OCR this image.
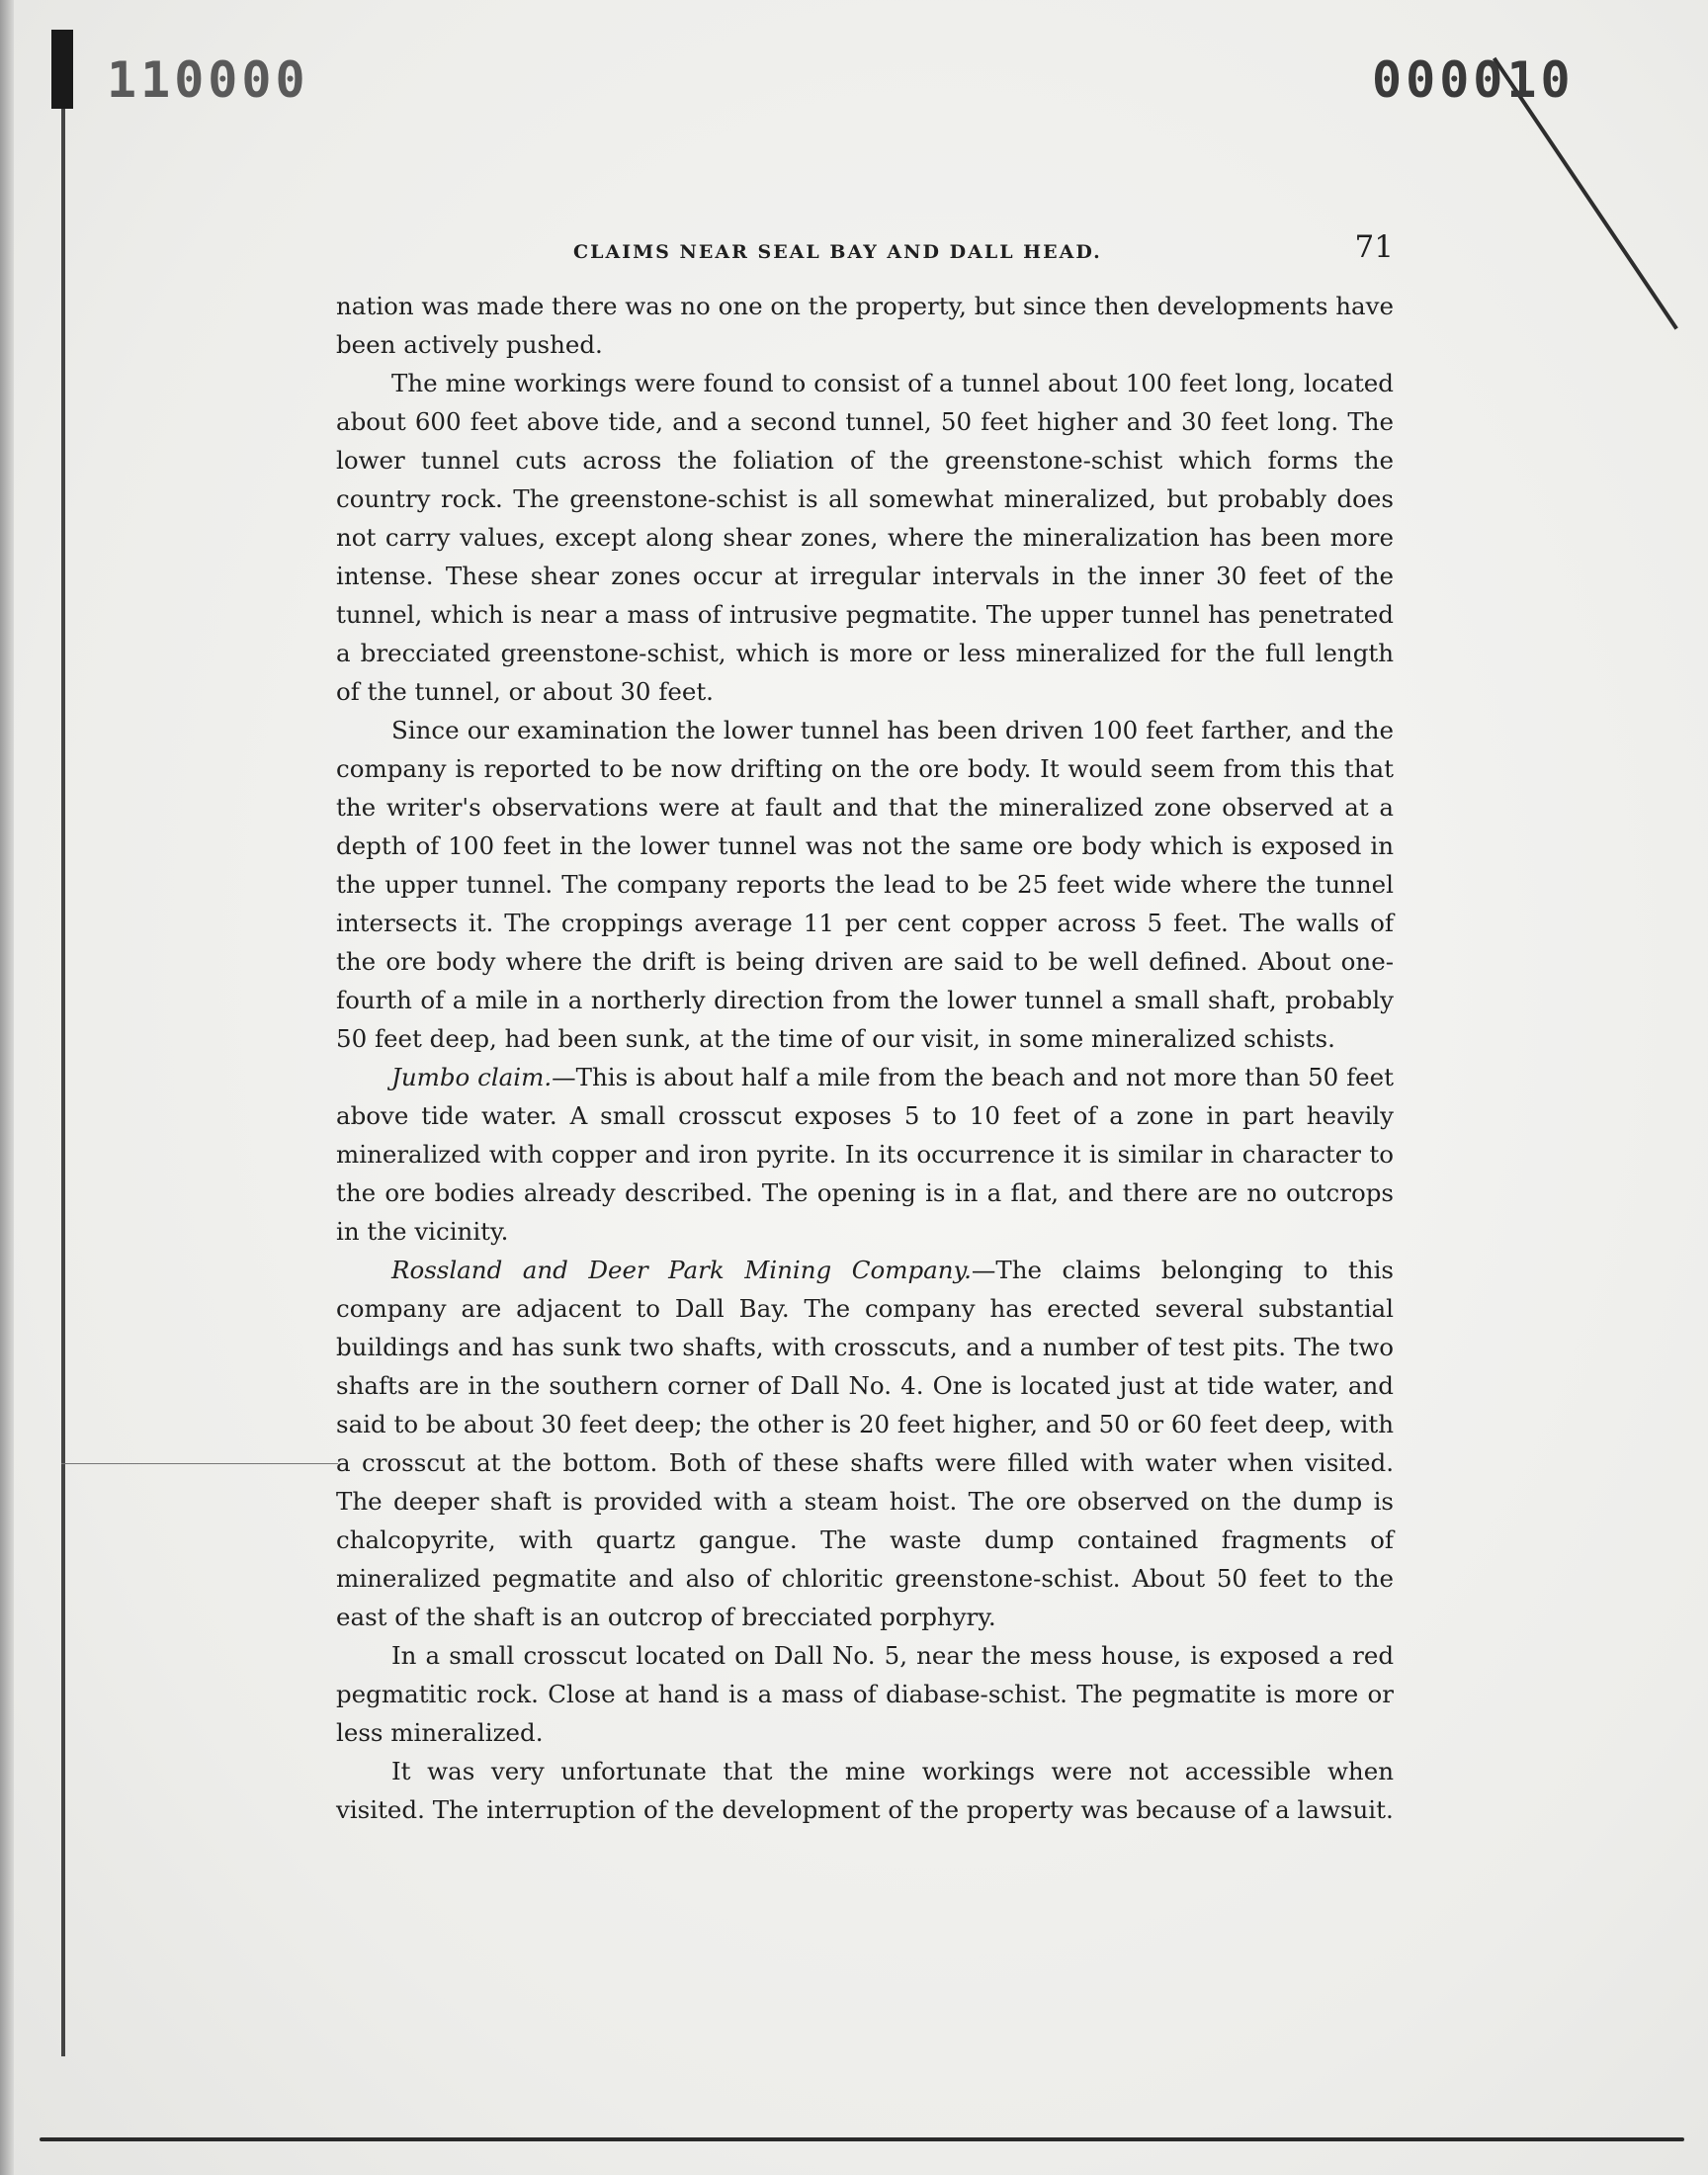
110000	000010
CLAIMS NEAR SEAL BAY AND DALL HEAD.	71

nation was made there was no one on the property, but since then developments have been actively pushed.

The mine workings were found to consist of a tunnel about 100 feet long, located about 600 feet above tide, and a second tunnel, 50 feet higher and 30 feet long. The lower tunnel cuts across the foliation of the greenstone-schist which forms the country rock. The greenstone-schist is all somewhat mineralized, but probably does not carry values, except along shear zones, where the mineralization has been more intense. These shear zones occur at irregular intervals in the inner 30 feet of the tunnel, which is near a mass of intrusive pegmatite. The upper tunnel has penetrated a brecciated greenstone-schist, which is more or less mineralized for the full length of the tunnel, or about 30 feet.

Since our examination the lower tunnel has been driven 100 feet farther, and the company is reported to be now drifting on the ore body. It would seem from this that the writer's observations were at fault and that the mineralized zone observed at a depth of 100 feet in the lower tunnel was not the same ore body which is exposed in the upper tunnel. The company reports the lead to be 25 feet wide where the tunnel intersects it. The croppings average 11 per cent copper across 5 feet. The walls of the ore body where the drift is being driven are said to be well defined. About one-fourth of a mile in a northerly direction from the lower tunnel a small shaft, probably 50 feet deep, had been sunk, at the time of our visit, in some mineralized schists.

Jumbo claim.—This is about half a mile from the beach and not more than 50 feet above tide water. A small crosscut exposes 5 to 10 feet of a zone in part heavily mineralized with copper and iron pyrite. In its occurrence it is similar in character to the ore bodies already described. The opening is in a flat, and there are no outcrops in the vicinity.

Rossland and Deer Park Mining Company.—The claims belonging to this company are adjacent to Dall Bay. The company has erected several substantial buildings and has sunk two shafts, with crosscuts, and a number of test pits. The two shafts are in the southern corner of Dall No. 4. One is located just at tide water, and said to be about 30 feet deep; the other is 20 feet higher, and 50 or 60 feet deep, with a crosscut at the bottom. Both of these shafts were filled with water when visited. The deeper shaft is provided with a steam hoist. The ore observed on the dump is chalcopyrite, with quartz gangue. The waste dump contained fragments of mineralized pegmatite and also of chloritic greenstone-schist. About 50 feet to the east of the shaft is an outcrop of brecciated porphyry.

In a small crosscut located on Dall No. 5, near the mess house, is exposed a red pegmatitic rock. Close at hand is a mass of diabase-schist. The pegmatite is more or less mineralized.

It was very unfortunate that the mine workings were not accessible when visited. The interruption of the development of the property was because of a lawsuit.
